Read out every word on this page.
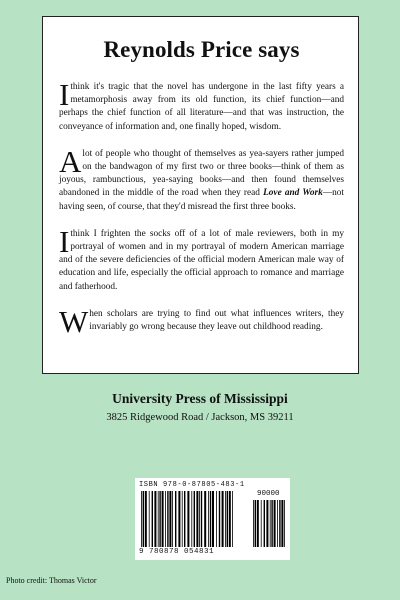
Reynolds Price says

Ithink it's tragic that the novel has undergone in the last fifty years a metamorphosis away from its old function, its chief function—and perhaps the chief function of all literature—and that was instruction, the conveyance of information and, one finally hoped, wisdom.

Alot of people who thought of themselves as yea-sayers rather jumped on the bandwagon of my first two or three books—think of them as joyous, rambunctious, yea-saying books—and then found themselves abandoned in the middle of the road when they read Love and Work—not having seen, of course, that they'd misread the first three books.

Ithink I frighten the socks off of a lot of male reviewers, both in my portrayal of women and in my portrayal of modern American marriage and of the severe deficiencies of the official modern American male way of education and life, especially the official approach to romance and marriage and fatherhood.

When scholars are trying to find out what influences writers, they invariably go wrong because they leave out childhood reading.

University Press of Mississippi
3825 Ridgewood Road / Jackson, MS 39211
ISBN 978-0-87805-483-1
90000
9 780878 054831
Photo credit: Thomas Victor
